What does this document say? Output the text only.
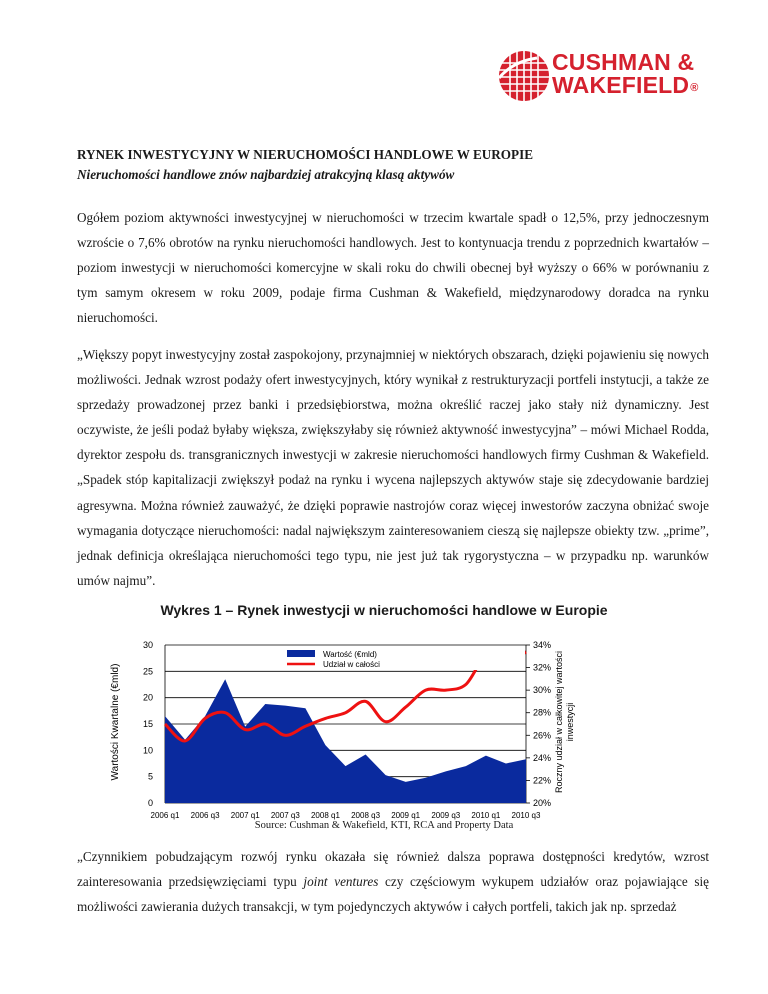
CUSHMAN &
WAKEFIELD®
RYNEK INWESTYCYJNY W NIERUCHOMOŚCI HANDLOWE W EUROPIE
Nieruchomości handlowe znów najbardziej atrakcyjną klasą aktywów

Ogółem poziom aktywności inwestycyjnej w nieruchomości w trzecim kwartale spadł o 12,5%, przy jednoczesnym wzroście o 7,6% obrotów na rynku nieruchomości handlowych. Jest to kontynuacja trendu z poprzednich kwartałów – poziom inwestycji w nieruchomości komercyjne w skali roku do chwili obecnej był wyższy o 66% w porównaniu z tym samym okresem w roku 2009, podaje firma Cushman & Wakefield, międzynarodowy doradca na rynku nieruchomości.

„Większy popyt inwestycyjny został zaspokojony, przynajmniej w niektórych obszarach, dzięki pojawieniu się nowych możliwości. Jednak wzrost podaży ofert inwestycyjnych, który wynikał z restrukturyzacji portfeli instytucji, a także ze sprzedaży prowadzonej przez banki i przedsiębiorstwa, można określić raczej jako stały niż dynamiczny. Jest oczywiste, że jeśli podaż byłaby większa, zwiększyłaby się również aktywność inwestycyjna” – mówi Michael Rodda, dyrektor zespołu ds. transgranicznych inwestycji w zakresie nieruchomości handlowych firmy Cushman & Wakefield. „Spadek stóp kapitalizacji zwiększył podaż na rynku i wycena najlepszych aktywów staje się zdecydowanie bardziej agresywna. Można również zauważyć, że dzięki poprawie nastrojów coraz więcej inwestorów zaczyna obniżać swoje wymagania dotyczące nieruchomości: nadal największym zainteresowaniem cieszą się najlepsze obiekty tzw. „prime”, jednak definicja określająca nieruchomości tego typu, nie jest już tak rygorystyczna – w przypadku np. warunków umów najmu”.

Wykres 1 – Rynek inwestycji w nieruchomości handlowe w Europie
0
5
10
15
20
25
30
20%
22%
24%
26%
28%
30%
32%
34%
2006 q1 2006 q3 2007 q1 2007 q3 2008 q1 2008 q3 2009 q1 2009 q3 2010 q1 2010 q3
Wartość (€mld)
Udział w całości
Wartości Kwartalne (€mld)	Roczny udział w całkowitej wartości inwestycji
Source: Cushman & Wakefield, KTI, RCA and Property Data

„Czynnikiem pobudzającym rozwój rynku okazała się również dalsza poprawa dostępności kredytów, wzrost zainteresowania przedsięwzięciami typu joint ventures czy częściowym wykupem udziałów oraz pojawiające się możliwości zawierania dużych transakcji, w tym pojedynczych aktywów i całych portfeli, takich jak np. sprzedaż
